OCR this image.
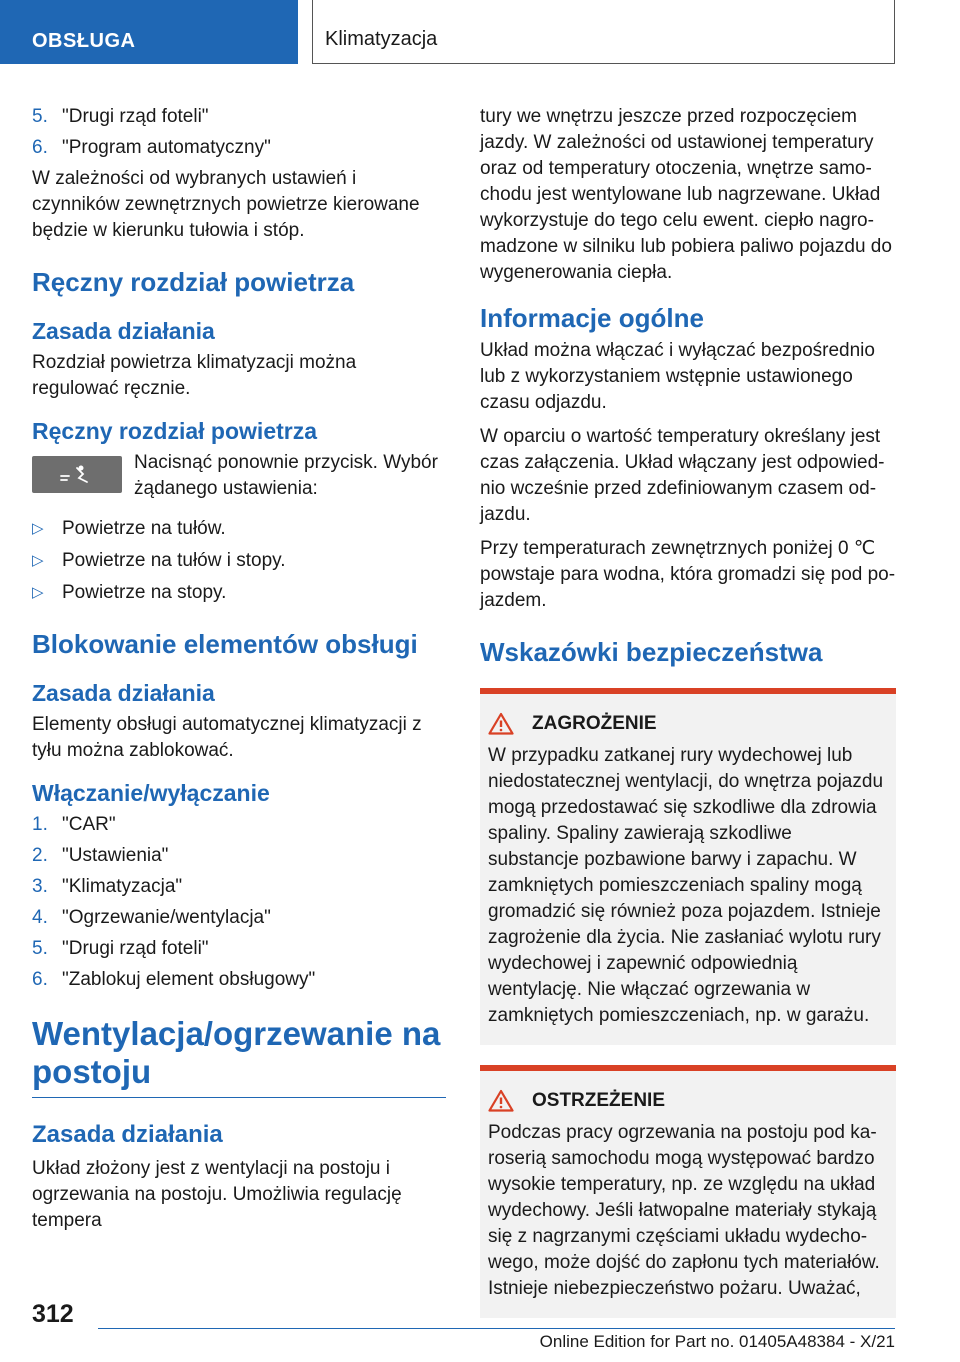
OBSŁUGA	Klimatyzacja
5. "Drugi rząd foteli"
6. "Program automatyczny"
W zależności od wybranych ustawień i czynników zewnętrznych powietrze kierowane będzie w kierunku tułowia i stóp.
Ręczny rozdział powietrza
Zasada działania
Rozdział powietrza klimatyzacji można regulować ręcznie.
Ręczny rozdział powietrza
Nacisnąć ponownie przycisk. Wybór żądanego ustawienia:
▷ Powietrze na tułów.
▷ Powietrze na tułów i stopy.
▷ Powietrze na stopy.
Blokowanie elementów obsługi
Zasada działania
Elementy obsługi automatycznej klimatyzacji z tyłu można zablokować.
Włączanie/wyłączanie
1. "CAR"
2. "Ustawienia"
3. "Klimatyzacja"
4. "Ogrzewanie/wentylacja"
5. "Drugi rząd foteli"
6. "Zablokuj element obsługowy"
Wentylacja/ogrzewanie na postoju
Zasada działania
Układ złożony jest z wentylacji na postoju i ogrzewania na postoju. Umożliwia regulację tempera
tury we wnętrzu jeszcze przed rozpoczęciem jazdy. W zależności od ustawionej temperatury oraz od temperatury otoczenia, wnętrze samochodu jest wentylowane lub nagrzewane. Układ wykorzystuje do tego celu ewent. ciepło nagromadzone w silniku lub pobiera paliwo pojazdu do wygenerowania ciepła.
Informacje ogólne
Układ można włączać i wyłączać bezpośrednio lub z wykorzystaniem wstępnie ustawionego czasu odjazdu.
W oparciu o wartość temperatury określany jest czas załączenia. Układ włączany jest odpowiednio wcześnie przed zdefiniowanym czasem odjazdu.
Przy temperaturach zewnętrznych poniżej 0 ℃ powstaje para wodna, która gromadzi się pod pojazdem.
Wskazówki bezpieczeństwa
ZAGROŻENIE
W przypadku zatkanej rury wydechowej lub niedostatecznej wentylacji, do wnętrza pojazdu mogą przedostawać się szkodliwe dla zdrowia spaliny. Spaliny zawierają szkodliwe substancje pozbawione barwy i zapachu. W zamkniętych pomieszczeniach spaliny mogą gromadzić się również poza pojazdem. Istnieje zagrożenie dla życia. Nie zasłaniać wylotu rury wydechowej i zapewnić odpowiednią wentylację. Nie włączać ogrzewania w zamkniętych pomieszczeniach, np. w garażu.
OSTRZEŻENIE
Podczas pracy ogrzewania na postoju pod karoserią samochodu mogą występować bardzo wysokie temperatury, np. ze względu na układ wydechowy. Jeśli łatwopalne materiały stykają się z nagrzanymi częściami układu wydechowego, może dojść do zapłonu tych materiałów. Istnieje niebezpieczeństwo pożaru. Uważać,
312
Online Edition for Part no. 01405A48384 - X/21
